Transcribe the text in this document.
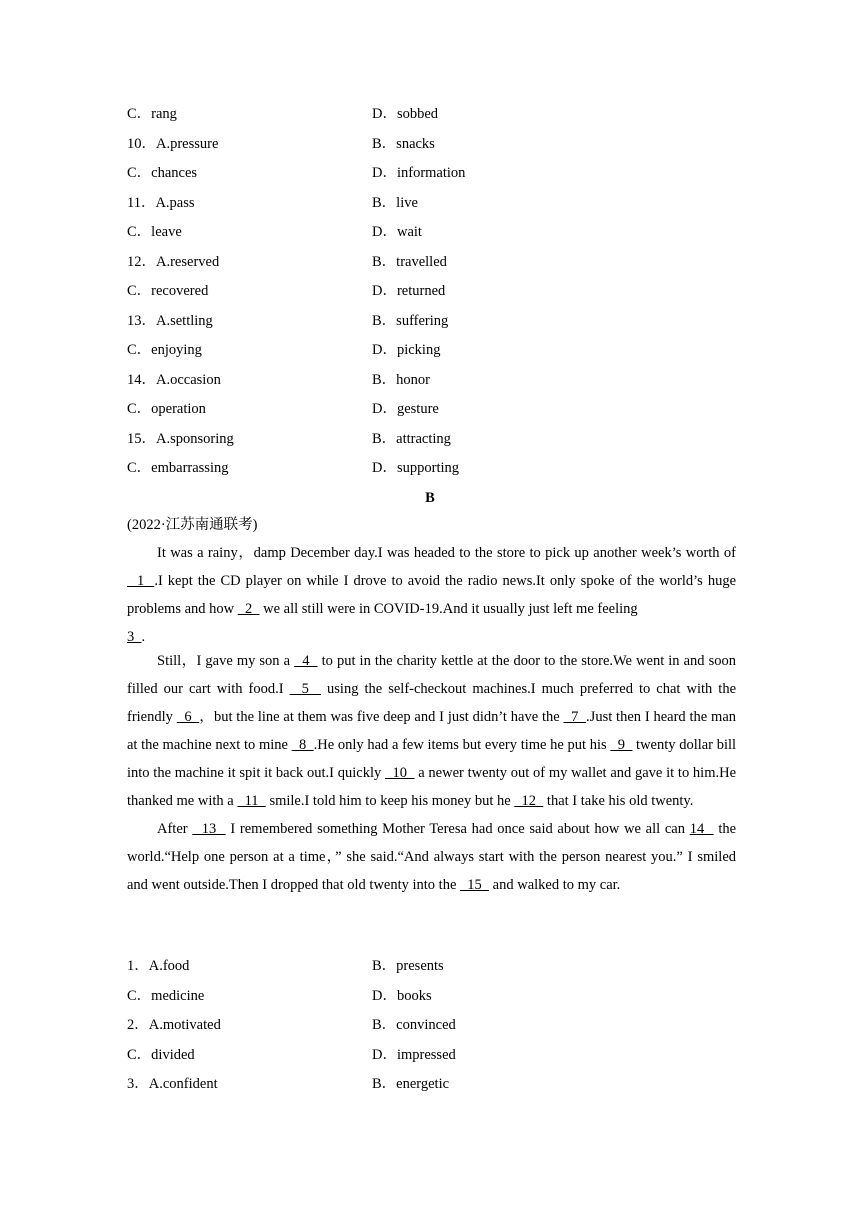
C．rang	D．sobbed
10．A.pressure	B．snacks
C．chances	D．information
11．A.pass	B．live
C．leave	D．wait
12．A.reserved	B．travelled
C．recovered	D．returned
13．A.settling	B．suffering
C．enjoying	D．picking
14．A.occasion	B．honor
C．operation	D．gesture
15．A.sponsoring	B．attracting
C．embarrassing	D．supporting
B
(2022·江苏南通联考)

It was a rainy，damp December day.I was headed to the store to pick up another week’s worth of   1  .I kept the CD player on while I drove to avoid the radio news.It only spoke of the world’s huge problems and how   2   we all still were in COVID-19.And it usually just left me feeling
3  .

Still，I gave my son a   4   to put in the charity kettle at the door to the store.We went in and soon filled our cart with food.I   5   using the self-checkout machines.I much preferred to chat with the friendly   6  ，but the line at them was five deep and I just didn’t have the   7  .Just then I heard the man at the machine next to mine   8  .He only had a few items but every time he put his   9   twenty dollar bill into the machine it spit it back out.I quickly   10   a newer twenty out of my wallet and gave it to him.He thanked me with a   11   smile.I told him to keep his money but he   12   that I take his old twenty.

After   13   I remembered something Mother Teresa had once said about how we all can 14   the world.“Help one person at a time，” she said.“And always start with the person nearest you.” I smiled and went outside.Then I dropped that old twenty into the   15   and walked to my car.

1．A.food	B．presents
C．medicine	D．books
2．A.motivated	B．convinced
C．divided	D．impressed
3．A.confident	B．energetic
